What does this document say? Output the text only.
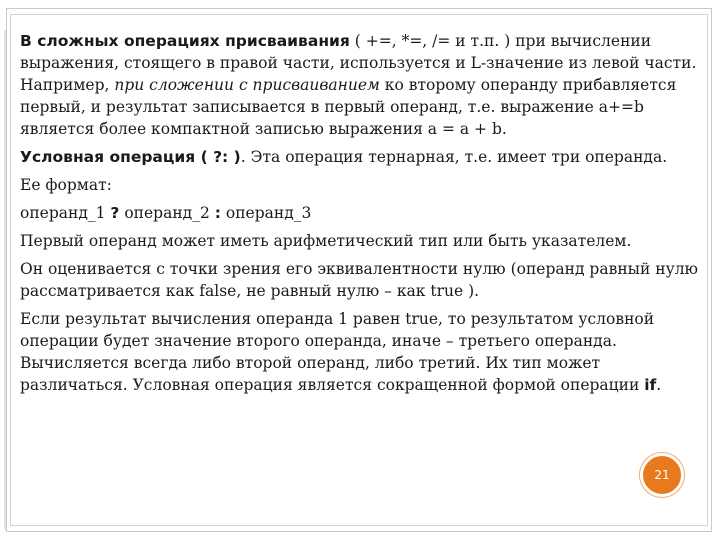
В сложных операциях присваивания ( +=, *=, /= и т.п. ) при вычислении выражения, стоящего в правой части, используется и L-значение из левой части. Например, при сложении с присваиванием ко второму операнду прибавляется первый, и результат записывается в первый операнд, т.е. выражение a+=b является более компактной записью выражения a = a + b.

Условная операция ( ?: ). Эта операция тернарная, т.е. имеет три операнда.

Ее формат:

операнд_1 ? операнд_2 : операнд_3

Первый операнд может иметь арифметический тип или быть указателем.

Он оценивается с точки зрения его эквивалентности нулю (операнд равный нулю рассматривается как false, не равный нулю – как true ).

Если результат вычисления операнда 1 равен true, то результатом условной операции будет значение второго операнда, иначе – третьего операнда. Вычисляется всегда либо второй операнд, либо третий. Их тип может различаться. Условная операция является сокращенной формой операции if.

21
